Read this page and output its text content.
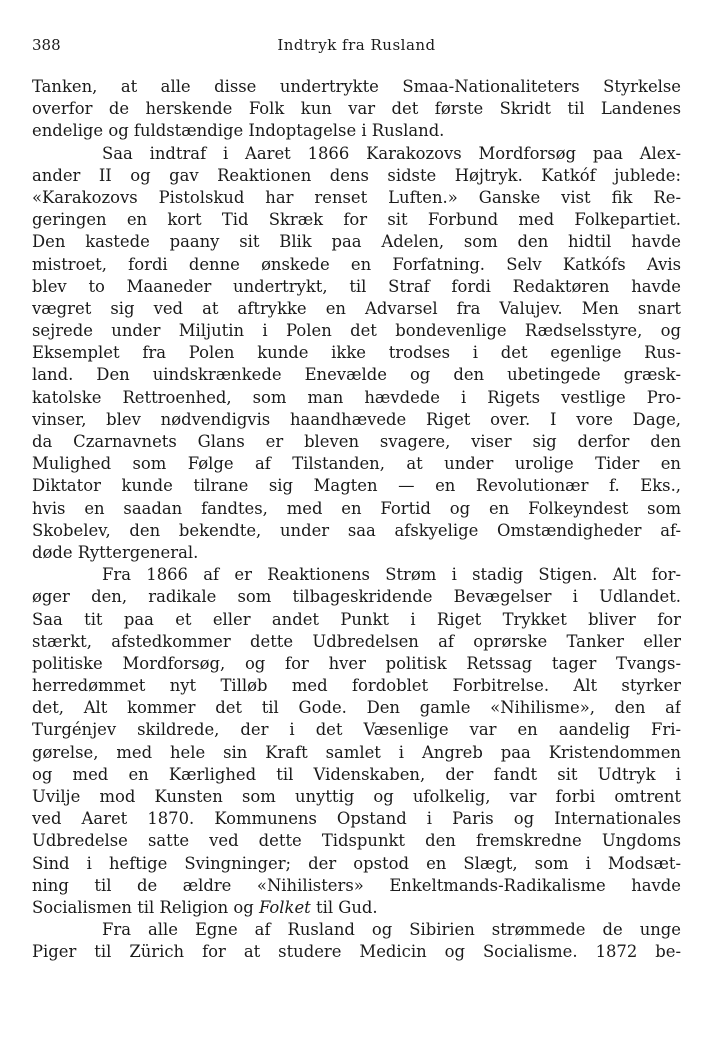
388	Indtryk fra Rusland
Tanken, at alle disse undertrykte Smaa-Nationaliteters Styrkelse
overfor de herskende Folk kun var det første Skridt til Landenes
endelige og fuldstændige Indoptagelse i Rusland.
Saa indtraf i Aaret 1866 Karakozovs Mordforsøg paa Alex-
ander II og gav Reaktionen dens sidste Højtryk. Katkóf jublede:
«Karakozovs Pistolskud har renset Luften.» Ganske vist fik Re-
geringen en kort Tid Skræk for sit Forbund med Folkepartiet.
Den kastede paany sit Blik paa Adelen, som den hidtil havde
mistroet, fordi denne ønskede en Forfatning. Selv Katkófs Avis
blev to Maaneder undertrykt, til Straf fordi Redaktøren havde
vægret sig ved at aftrykke en Advarsel fra Valujev. Men snart
sejrede under Miljutin i Polen det bondevenlige Rædselsstyre, og
Eksemplet fra Polen kunde ikke trodses i det egenlige Rus-
land. Den uindskrænkede Enevælde og den ubetingede græsk-
katolske Rettroenhed, som man hævdede i Rigets vestlige Pro-
vinser, blev nødvendigvis haandhævede Riget over. I vore Dage,
da Czarnavnets Glans er bleven svagere, viser sig derfor den
Mulighed som Følge af Tilstanden, at under urolige Tider en
Diktator kunde tilrane sig Magten — en Revolutionær f. Eks.,
hvis en saadan fandtes, med en Fortid og en Folkeyndest som
Skobelev, den bekendte, under saa afskyelige Omstændigheder af-
døde Ryttergeneral.
Fra 1866 af er Reaktionens Strøm i stadig Stigen. Alt for-
øger den, radikale som tilbageskridende Bevægelser i Udlandet.
Saa tit paa et eller andet Punkt i Riget Trykket bliver for
stærkt, afstedkommer dette Udbredelsen af oprørske Tanker eller
politiske Mordforsøg, og for hver politisk Retssag tager Tvangs-
herredømmet nyt Tilløb med fordoblet Forbitrelse. Alt styrker
det, Alt kommer det til Gode. Den gamle «Nihilisme», den af
Turgénjev skildrede, der i det Væsenlige var en aandelig Fri-
gørelse, med hele sin Kraft samlet i Angreb paa Kristendommen
og med en Kærlighed til Videnskaben, der fandt sit Udtryk i
Uvilje mod Kunsten som unyttig og ufolkelig, var forbi omtrent
ved Aaret 1870. Kommunens Opstand i Paris og Internationales
Udbredelse satte ved dette Tidspunkt den fremskredne Ungdoms
Sind i heftige Svingninger; der opstod en Slægt, som i Modsæt-
ning til de ældre «Nihilisters» Enkeltmands-Radikalisme havde
Socialismen til Religion og Folket til Gud.
Fra alle Egne af Rusland og Sibirien strømmede de unge
Piger til Zürich for at studere Medicin og Socialisme. 1872 be-
